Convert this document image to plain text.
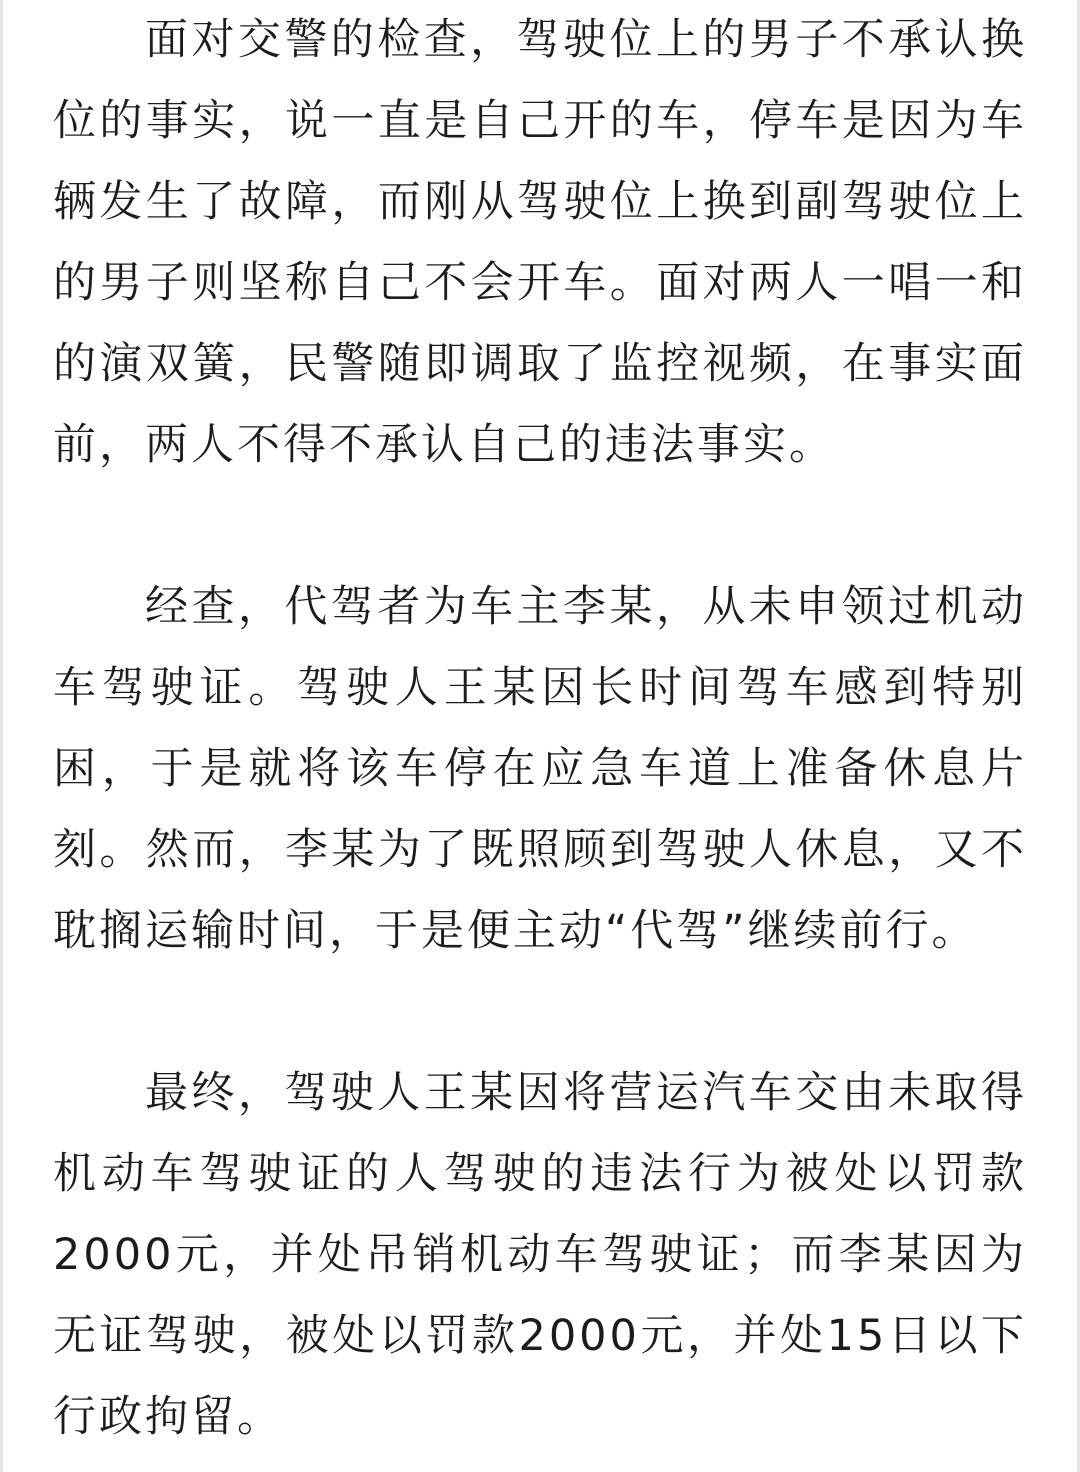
面对交警的检查，驾驶位上的男子不承认换位的事实，说一直是自己开的车，停车是因为车辆发生了故障，而刚从驾驶位上换到副驾驶位上的男子则坚称自己不会开车。面对两人一唱一和的演双簧，民警随即调取了监控视频，在事实面前，两人不得不承认自己的违法事实。

经查，代驾者为车主李某，从未申领过机动车驾驶证。驾驶人王某因长时间驾车感到特别困，于是就将该车停在应急车道上准备休息片刻。然而，李某为了既照顾到驾驶人休息，又不耽搁运输时间，于是便主动“代驾”继续前行。

最终，驾驶人王某因将营运汽车交由未取得机动车驾驶证的人驾驶的违法行为被处以罚款2000元，并处吊销机动车驾驶证；而李某因为无证驾驶，被处以罚款2000元，并处15日以下行政拘留。
